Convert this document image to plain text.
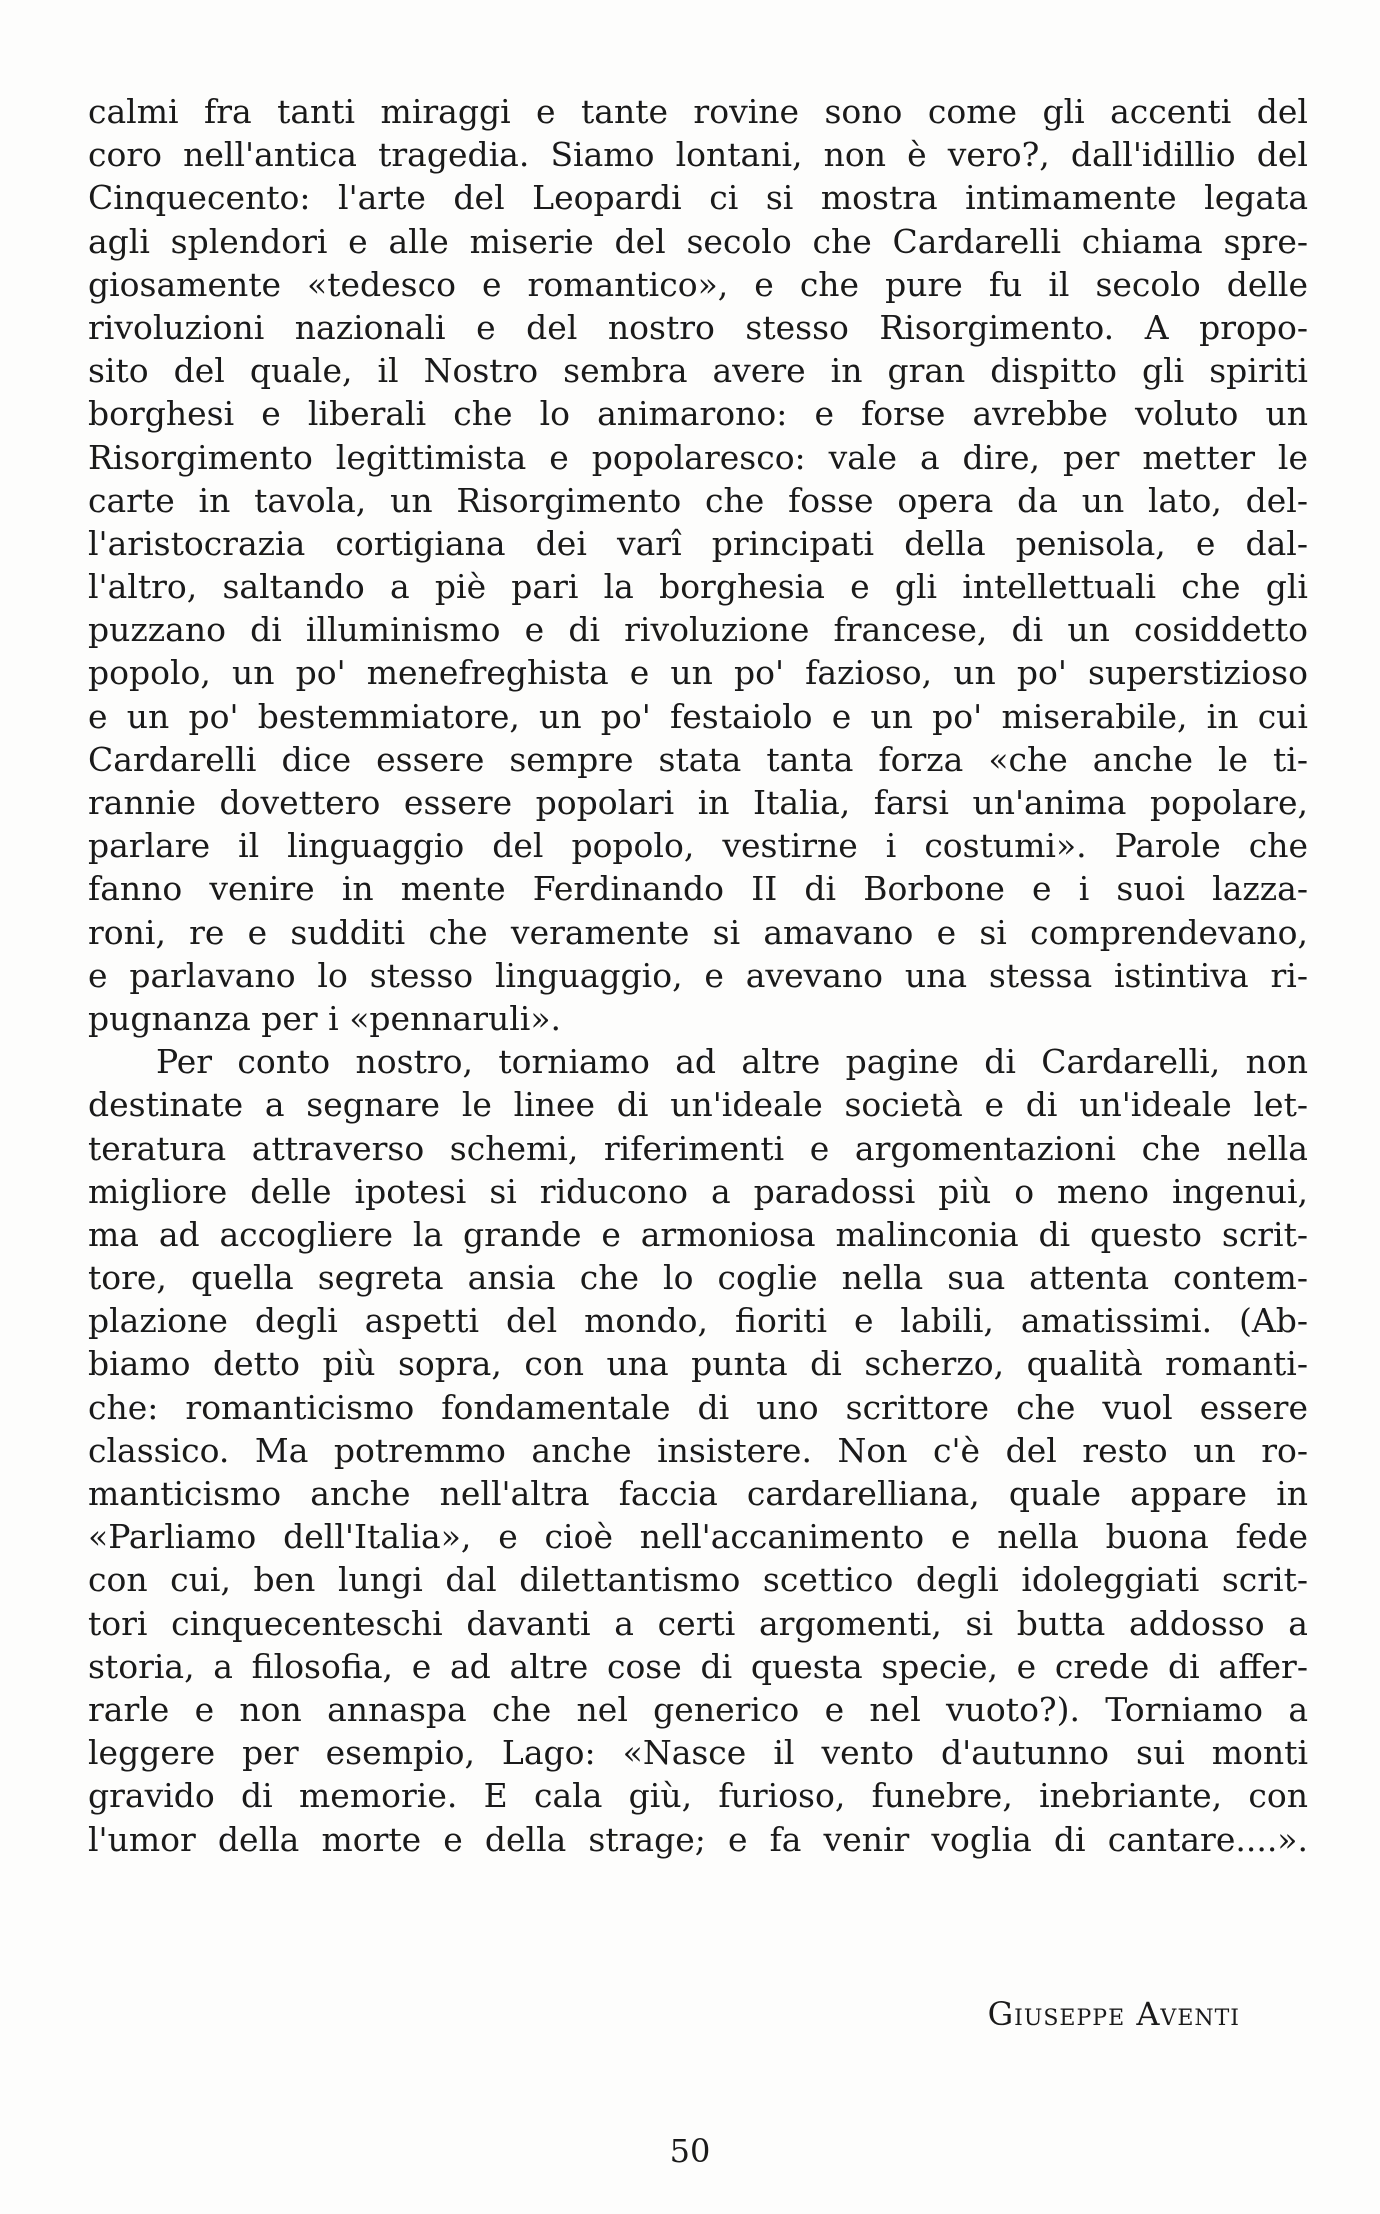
calmi fra tanti miraggi e tante rovine sono come gli accenti del
coro nell'antica tragedia. Siamo lontani, non è vero?, dall'idillio del
Cinquecento: l'arte del Leopardi ci si mostra intimamente legata
agli splendori e alle miserie del secolo che Cardarelli chiama spre-
giosamente «tedesco e romantico», e che pure fu il secolo delle
rivoluzioni nazionali e del nostro stesso Risorgimento. A propo-
sito del quale, il Nostro sembra avere in gran dispitto gli spiriti
borghesi e liberali che lo animarono: e forse avrebbe voluto un
Risorgimento legittimista e popolaresco: vale a dire, per metter le
carte in tavola, un Risorgimento che fosse opera da un lato, del-
l'aristocrazia cortigiana dei varî principati della penisola, e dal-
l'altro, saltando a piè pari la borghesia e gli intellettuali che gli
puzzano di illuminismo e di rivoluzione francese, di un cosiddetto
popolo, un po' menefreghista e un po' fazioso, un po' superstizioso
e un po' bestemmiatore, un po' festaiolo e un po' miserabile, in cui
Cardarelli dice essere sempre stata tanta forza «che anche le ti-
rannie dovettero essere popolari in Italia, farsi un'anima popolare,
parlare il linguaggio del popolo, vestirne i costumi». Parole che
fanno venire in mente Ferdinando II di Borbone e i suoi lazza-
roni, re e sudditi che veramente si amavano e si comprendevano,
e parlavano lo stesso linguaggio, e avevano una stessa istintiva ri-
pugnanza per i «pennaruli».
Per conto nostro, torniamo ad altre pagine di Cardarelli, non
destinate a segnare le linee di un'ideale società e di un'ideale let-
teratura attraverso schemi, riferimenti e argomentazioni che nella
migliore delle ipotesi si riducono a paradossi più o meno ingenui,
ma ad accogliere la grande e armoniosa malinconia di questo scrit-
tore, quella segreta ansia che lo coglie nella sua attenta contem-
plazione degli aspetti del mondo, fioriti e labili, amatissimi. (Ab-
biamo detto più sopra, con una punta di scherzo, qualità romanti-
che: romanticismo fondamentale di uno scrittore che vuol essere
classico. Ma potremmo anche insistere. Non c'è del resto un ro-
manticismo anche nell'altra faccia cardarelliana, quale appare in
«Parliamo dell'Italia», e cioè nell'accanimento e nella buona fede
con cui, ben lungi dal dilettantismo scettico degli idoleggiati scrit-
tori cinquecenteschi davanti a certi argomenti, si butta addosso a
storia, a filosofia, e ad altre cose di questa specie, e crede di affer-
rarle e non annaspa che nel generico e nel vuoto?). Torniamo a
leggere per esempio, Lago: «Nasce il vento d'autunno sui monti
gravido di memorie. E cala giù, furioso, funebre, inebriante, con
l'umor della morte e della strage; e fa venir voglia di cantare....».
Giuseppe Aventi
50
